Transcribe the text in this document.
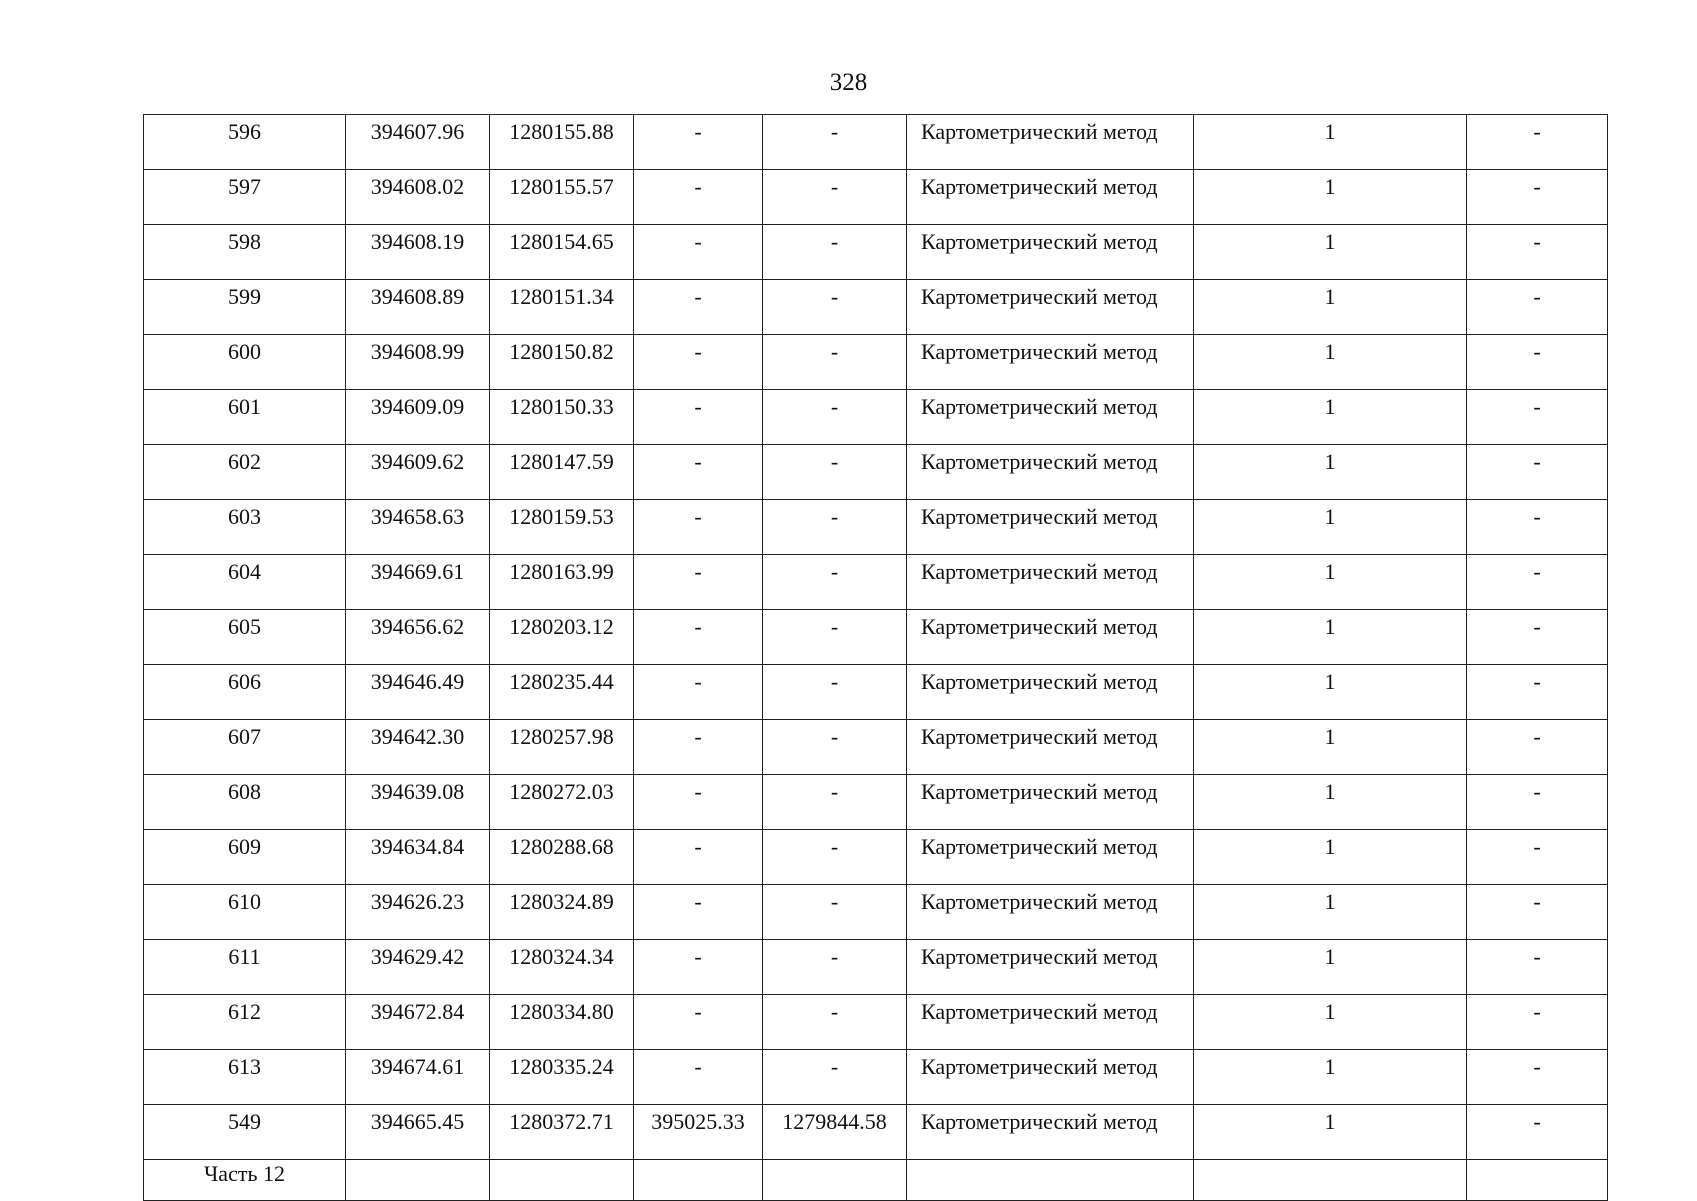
328
596	394607.96	1280155.88	-	-	Картометрический метод	1	-
597	394608.02	1280155.57	-	-	Картометрический метод	1	-
598	394608.19	1280154.65	-	-	Картометрический метод	1	-
599	394608.89	1280151.34	-	-	Картометрический метод	1	-
600	394608.99	1280150.82	-	-	Картометрический метод	1	-
601	394609.09	1280150.33	-	-	Картометрический метод	1	-
602	394609.62	1280147.59	-	-	Картометрический метод	1	-
603	394658.63	1280159.53	-	-	Картометрический метод	1	-
604	394669.61	1280163.99	-	-	Картометрический метод	1	-
605	394656.62	1280203.12	-	-	Картометрический метод	1	-
606	394646.49	1280235.44	-	-	Картометрический метод	1	-
607	394642.30	1280257.98	-	-	Картометрический метод	1	-
608	394639.08	1280272.03	-	-	Картометрический метод	1	-
609	394634.84	1280288.68	-	-	Картометрический метод	1	-
610	394626.23	1280324.89	-	-	Картометрический метод	1	-
611	394629.42	1280324.34	-	-	Картометрический метод	1	-
612	394672.84	1280334.80	-	-	Картометрический метод	1	-
613	394674.61	1280335.24	-	-	Картометрический метод	1	-
549	394665.45	1280372.71	395025.33	1279844.58	Картометрический метод	1	-
Часть 12							
